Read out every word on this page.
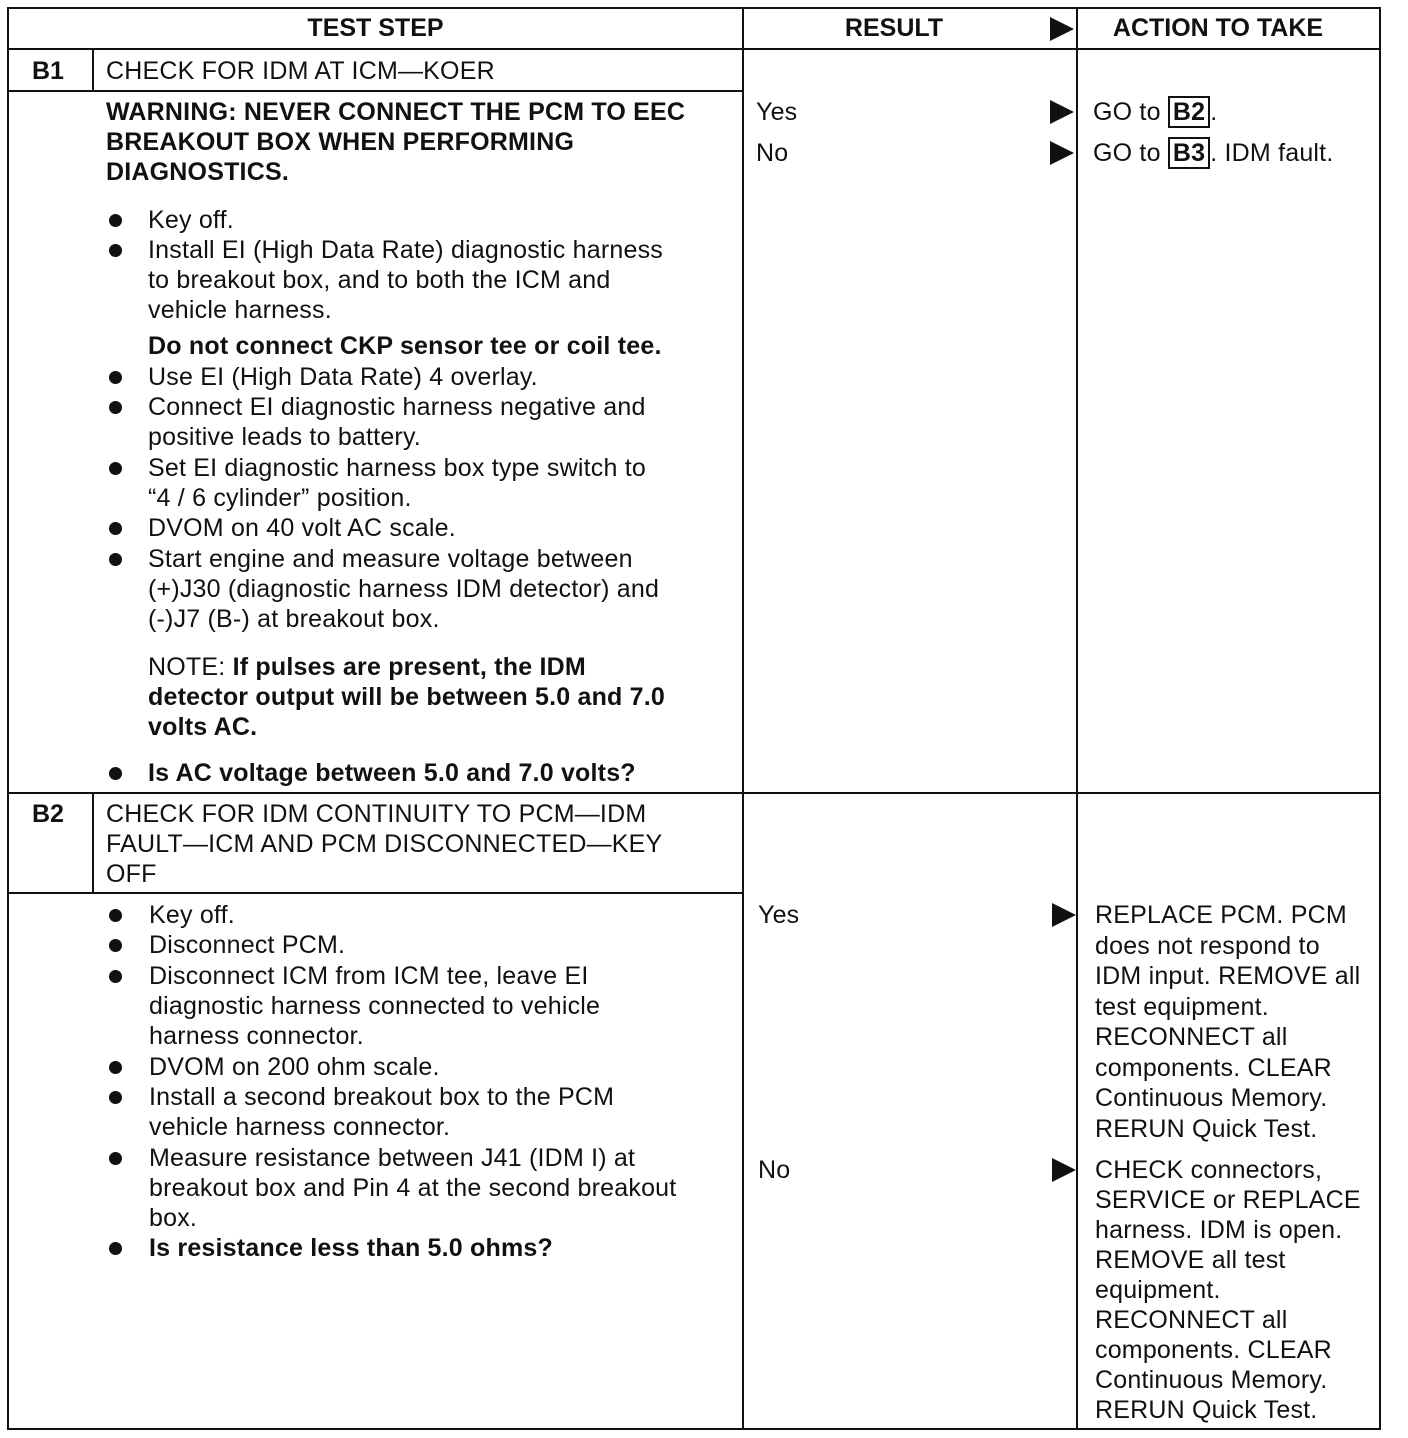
TEST STEP	RESULT	ACTION TO TAKE
B1 CHECK FOR IDM AT ICM—KOER
WARNING: NEVER CONNECT THE PCM TO EEC
BREAKOUT BOX WHEN PERFORMING
DIAGNOSTICS.
Key off.
Install EI (High Data Rate) diagnostic harness
to breakout box, and to both the ICM and
vehicle harness.
Do not connect CKP sensor tee or coil tee.
Use EI (High Data Rate) 4 overlay.
Connect EI diagnostic harness negative and
positive leads to battery.
Set EI diagnostic harness box type switch to
“4 / 6 cylinder” position.
DVOM on 40 volt AC scale.
Start engine and measure voltage between
(+)J30 (diagnostic harness IDM detector) and
(-)J7 (B-) at breakout box.
NOTE: If pulses are present, the IDM
detector output will be between 5.0 and 7.0
volts AC.
Is AC voltage between 5.0 and 7.0 volts?
Yes	GO to B2 .
No	GO to B3 . IDM fault.
B2 CHECK FOR IDM CONTINUITY TO PCM—IDM
FAULT—ICM AND PCM DISCONNECTED—KEY
OFF
Key off.
Disconnect PCM.
Disconnect ICM from ICM tee, leave EI
diagnostic harness connected to vehicle
harness connector.
DVOM on 200 ohm scale.
Install a second breakout box to the PCM
vehicle harness connector.
Measure resistance between J41 (IDM I) at
breakout box and Pin 4 at the second breakout
box.
Is resistance less than 5.0 ohms?
Yes	REPLACE PCM. PCM
does not respond to
IDM input. REMOVE all
test equipment.
RECONNECT all
components. CLEAR
Continuous Memory.
RERUN Quick Test.
No	CHECK connectors,
SERVICE or REPLACE
harness. IDM is open.
REMOVE all test
equipment.
RECONNECT all
components. CLEAR
Continuous Memory.
RERUN Quick Test.
